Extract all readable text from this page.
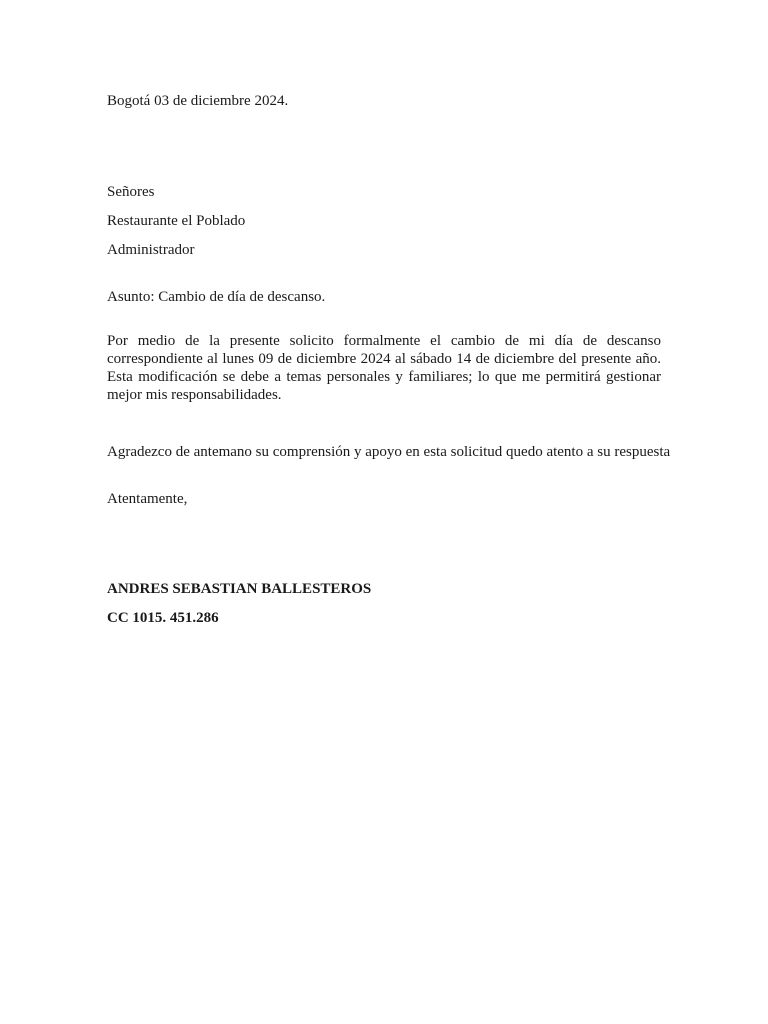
Bogotá 03 de diciembre 2024.
Señores
Restaurante el Poblado
Administrador
Asunto: Cambio de día de descanso.
Por medio de la presente solicito formalmente el cambio de mi día de descanso
correspondiente al lunes 09 de diciembre 2024 al sábado 14 de diciembre del presente año.
Esta modificación se debe a temas personales y familiares; lo que me permitirá gestionar
mejor mis responsabilidades.
Agradezco de antemano su comprensión y apoyo en esta solicitud quedo atento a su respuesta
Atentamente,
ANDRES SEBASTIAN BALLESTEROS
CC 1015. 451.286
